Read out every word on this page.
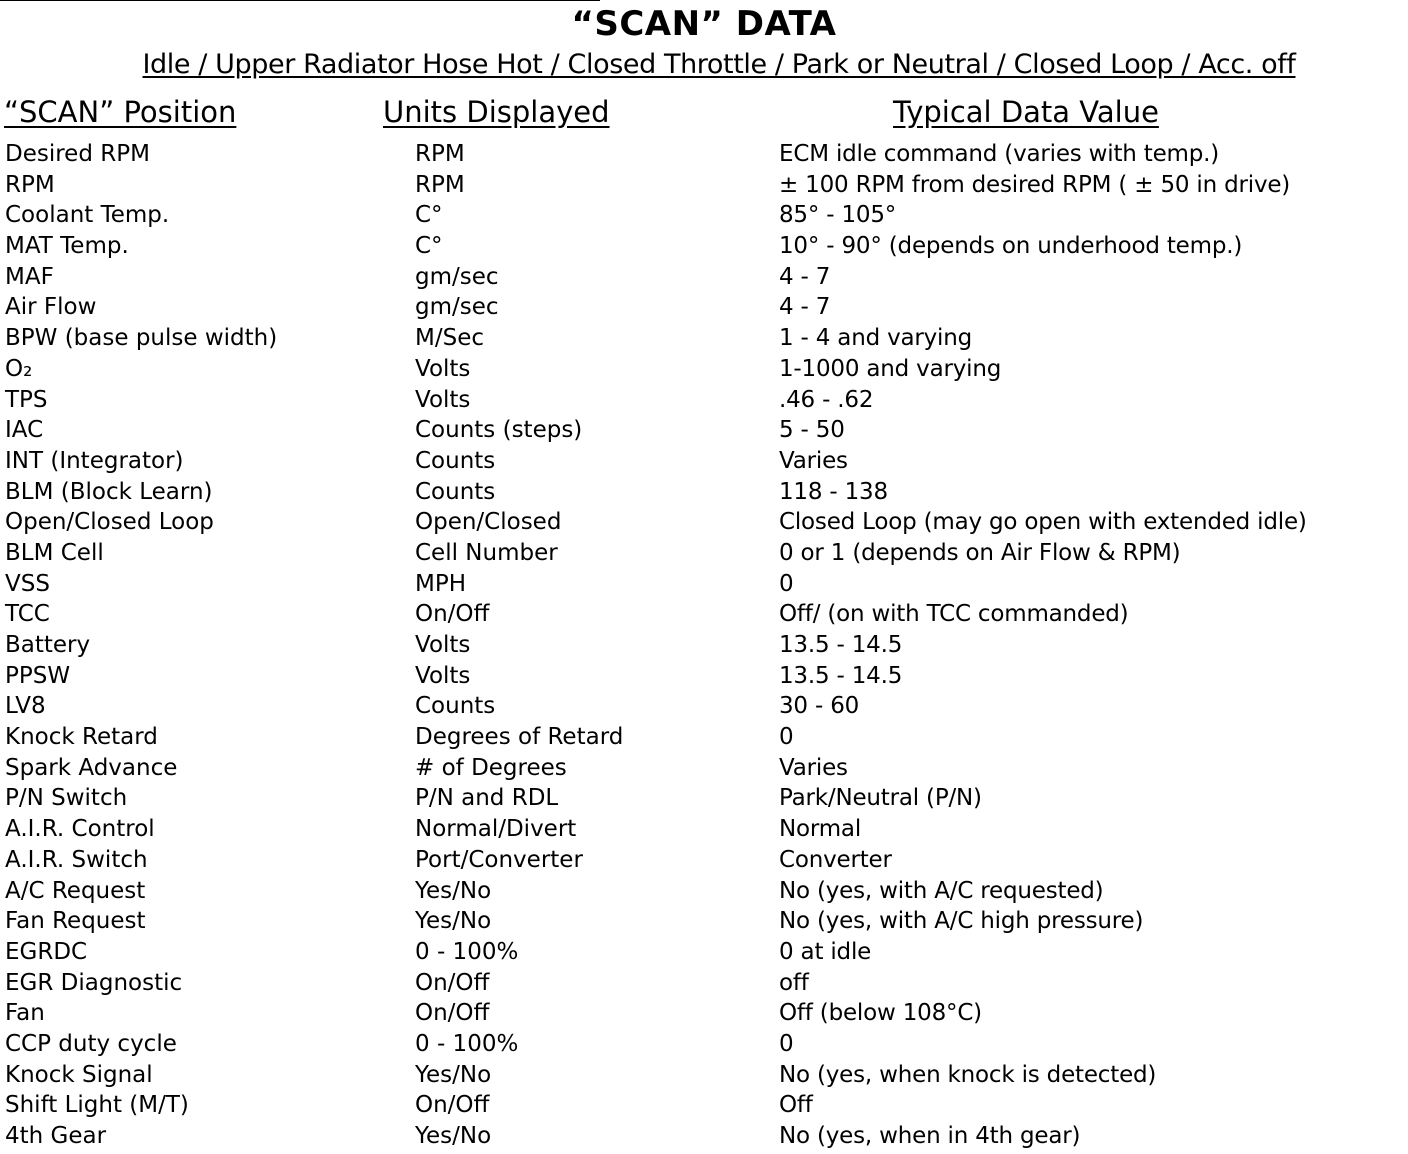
“SCAN” DATA
Idle / Upper Radiator Hose Hot / Closed Throttle / Park or Neutral / Closed Loop / Acc. off
“SCAN” Position	Units Displayed	Typical Data Value
Desired RPM	RPM	ECM idle command (varies with temp.)
RPM	RPM	± 100 RPM from desired RPM ( ± 50 in drive)
Coolant Temp.	C°	85° - 105°
MAT Temp.	C°	10° - 90° (depends on underhood temp.)
MAF	gm/sec	4 - 7
Air Flow	gm/sec	4 - 7
BPW (base pulse width)	M/Sec	1 - 4 and varying
O₂	Volts	1-1000 and varying
TPS	Volts	.46 - .62
IAC	Counts (steps)	5 - 50
INT (Integrator)	Counts	Varies
BLM (Block Learn)	Counts	118 - 138
Open/Closed Loop	Open/Closed	Closed Loop (may go open with extended idle)
BLM Cell	Cell Number	0 or 1 (depends on Air Flow & RPM)
VSS	MPH	0
TCC	On/Off	Off/ (on with TCC commanded)
Battery	Volts	13.5 - 14.5
PPSW	Volts	13.5 - 14.5
LV8	Counts	30 - 60
Knock Retard	Degrees of Retard	0
Spark Advance	# of Degrees	Varies
P/N Switch	P/N and RDL	Park/Neutral (P/N)
A.I.R. Control	Normal/Divert	Normal
A.I.R. Switch	Port/Converter	Converter
A/C Request	Yes/No	No (yes, with A/C requested)
Fan Request	Yes/No	No (yes, with A/C high pressure)
EGRDC	0 - 100%	0 at idle
EGR Diagnostic	On/Off	off
Fan	On/Off	Off (below 108°C)
CCP duty cycle	0 - 100%	0
Knock Signal	Yes/No	No (yes, when knock is detected)
Shift Light (M/T)	On/Off	Off
4th Gear	Yes/No	No (yes, when in 4th gear)
